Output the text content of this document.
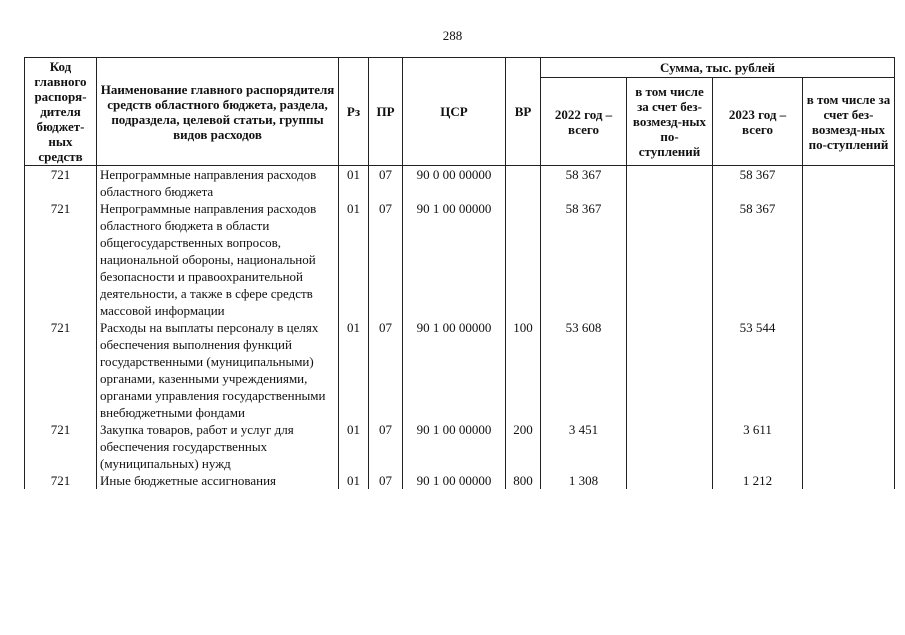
288
Код главного распоря-дителя бюджет-ных средств	Наименование главного распорядителя средств областного бюджета, раздела, подраздела, целевой статьи, группы видов расходов	Рз	ПР	ЦСР	ВР	Сумма, тыс. рублей			
						2022 год – всего	в том числе за счет без-возмезд-ных по-ступлений	2023 год – всего	в том числе за счет без-возмезд-ных по-ступлений
721	Непрограммные направления расходов областного бюджета	01	07	90 0 00 00000		58 367		58 367	
721	Непрограммные направления расходов областного бюджета в области общегосударственных вопросов, национальной обороны, национальной безопасности и правоохранительной деятельности, а также в сфере средств массовой информации	01	07	90 1 00 00000		58 367		58 367	
721	Расходы на выплаты персоналу в целях обеспечения выполнения функций государственными (муниципальными) органами, казенными учреждениями, органами управления государственными внебюджетными фондами	01	07	90 1 00 00000	100	53 608		53 544	
721	Закупка товаров, работ и услуг для обеспечения государственных (муниципальных) нужд	01	07	90 1 00 00000	200	3 451		3 611	
721	Иные бюджетные ассигнования	01	07	90 1 00 00000	800	1 308		1 212	
